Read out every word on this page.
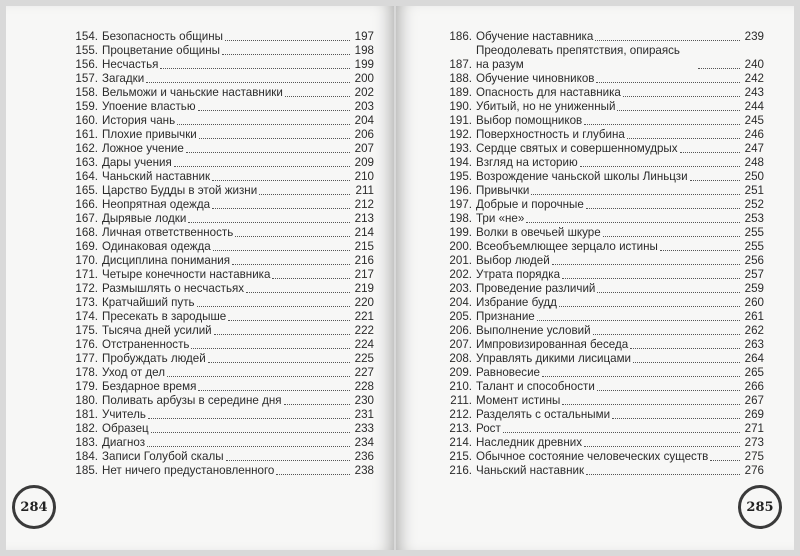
154. Безопасность общины	197
155. Процветание общины	198
156. Несчастья	199
157. Загадки	200
158. Вельможи и чаньские наставники	202
159. Упоение властью	203
160. История чань	204
161. Плохие привычки	206
162. Ложное учение	207
163. Дары учения	209
164. Чаньский наставник	210
165. Царство Будды в этой жизни	211
166. Неопрятная одежда	212
167. Дырявые лодки	213
168. Личная ответственность	214
169. Одинаковая одежда	215
170. Дисциплина понимания	216
171. Четыре конечности наставника	217
172. Размышлять о несчастьях	219
173. Кратчайший путь	220
174. Пресекать в зародыше	221
175. Тысяча дней усилий	222
176. Отстраненность	224
177. Пробуждать людей	225
178. Уход от дел	227
179. Бездарное время	228
180. Поливать арбузы в середине дня	230
181. Учитель	231
182. Образец	233
183. Диагноз	234
184. Записи Голубой скалы	236
185. Нет ничего предустановленного	238
186. Обучение наставника	239
187.
Преодолевать препятствия, опираясь на разум	240
188. Обучение чиновников	242
189. Опасность для наставника	243
190. Убитый, но не униженный	244
191. Выбор помощников	245
192. Поверхностность и глубина	246
193. Сердце святых и совершенномудрых	247
194. Взгляд на историю	248
195. Возрождение чаньской школы Линьцзи	250
196. Привычки	251
197. Добрые и порочные	252
198. Три «не»	253
199. Волки в овечьей шкуре	255
200. Всеобъемлющее зерцало истины	255
201. Выбор людей	256
202. Утрата порядка	257
203. Проведение различий	259
204. Избрание будд	260
205. Признание	261
206. Выполнение условий	262
207. Импровизированная беседа	263
208. Управлять дикими лисицами	264
209. Равновесие	265
210. Талант и способности	266
211. Момент истины	267
212. Разделять с остальными	269
213. Рост	271
214. Наследник древних	273
215. Обычное состояние человеческих существ	275
216. Чаньский наставник	276
284	285
